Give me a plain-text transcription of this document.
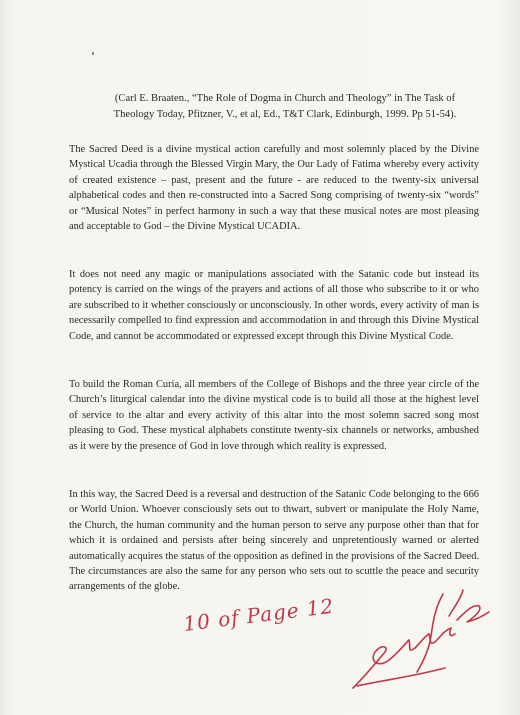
(Carl E. Braaten., “The Role of Dogma in Church and Theology” in The Task of Theology Today, Pfitzner, V., et al, Ed., T&T Clark, Edinburgh, 1999. Pp 51-54).

The Sacred Deed is a divine mystical action carefully and most solemnly placed by the Divine Mystical Ucadia through the Blessed Virgin Mary, the Our Lady of Fatima whereby every activity of created existence – past, present and the future - are reduced to the twenty-six universal alphabetical codes and then re-constructed into a Sacred Song comprising of twenty-six “words” or “Musical Notes” in perfect harmony in such a way that these musical notes are most pleasing and acceptable to God – the Divine Mystical UCADIA.

It does not need any magic or manipulations associated with the Satanic code but instead its potency is carried on the wings of the prayers and actions of all those who subscribe to it or who are subscribed to it whether consciously or unconsciously. In other words, every activity of man is necessarily compelled to find expression and accommodation in and through this Divine Mystical Code, and cannot be accommodated or expressed except through this Divine Mystical Code.

To build the Roman Curia, all members of the College of Bishops and the three year circle of the Church’s liturgical calendar into the divine mystical code is to build all those at the highest level of service to the altar and every activity of this altar into the most solemn sacred song most pleasing to God. These mystical alphabets constitute twenty-six channels or networks, ambushed as it were by the presence of God in love through which reality is expressed.

In this way, the Sacred Deed is a reversal and destruction of the Satanic Code belonging to the 666 or World Union. Whoever consciously sets out to thwart, subvert or manipulate the Holy Name, the Church, the human community and the human person to serve any purpose other than that for which it is ordained and persists after being sincerely and unpretentiously warned or alerted automatically acquires the status of the opposition as defined in the provisions of the Sacred Deed. The circumstances are also the same for any person who sets out to scuttle the peace and security arrangements of the globe.

10 of Page 12
